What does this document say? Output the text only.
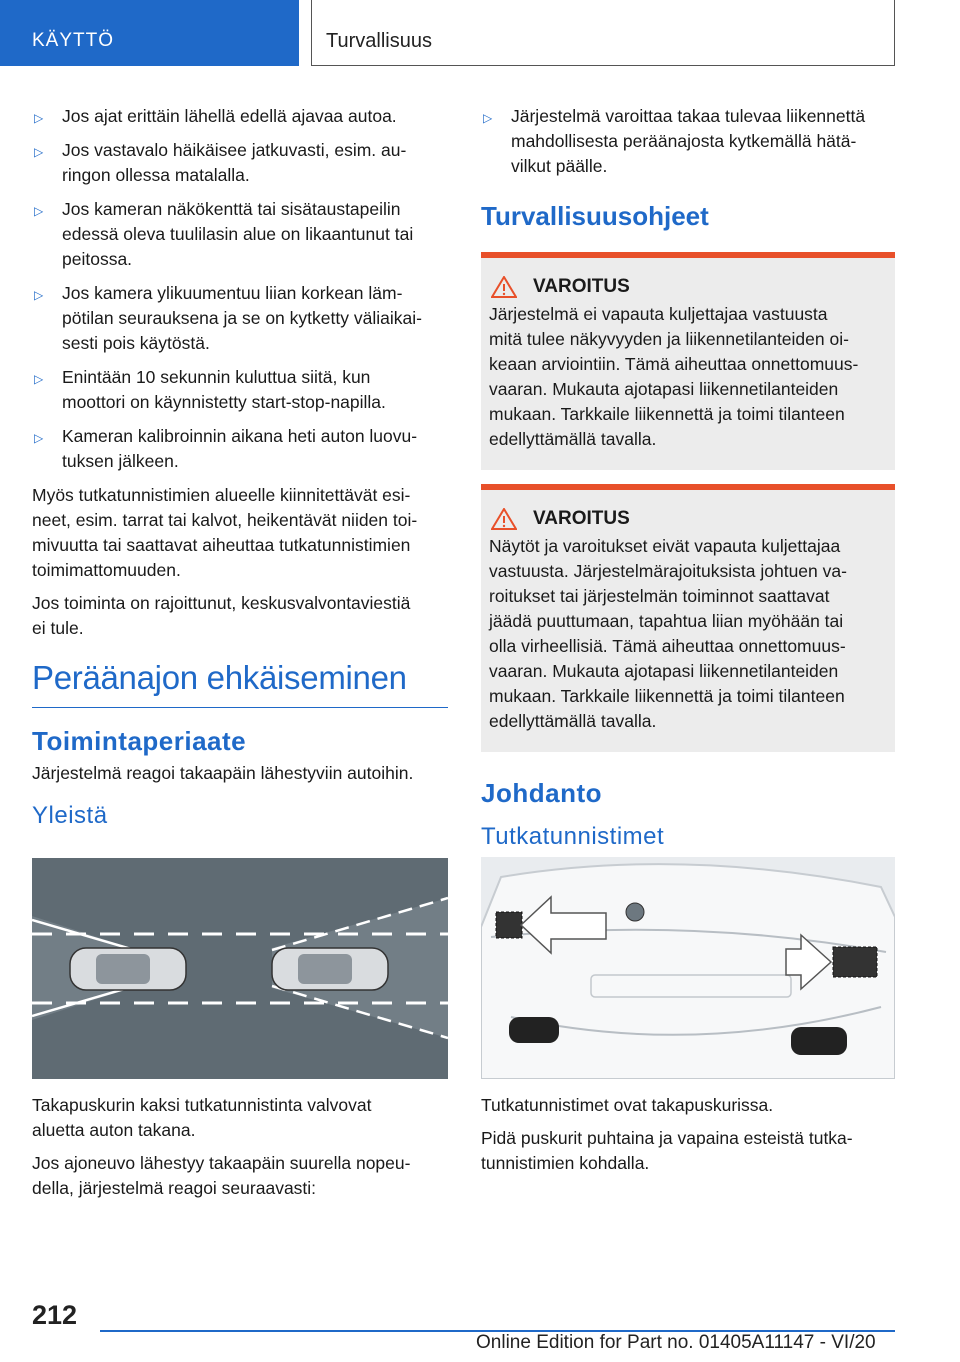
KÄYTTÖ	Turvallisuus
▷ Jos ajat erittäin lähellä edellä ajavaa autoa.
▷ Jos vastavalo häikäisee jatkuvasti, esim. au-
ringon ollessa matalalla.
▷ Jos kameran näkökenttä tai sisätaustapeilin
edessä oleva tuulilasin alue on likaantunut tai
peitossa.
▷ Jos kamera ylikuumentuu liian korkean läm-
pötilan seurauksena ja se on kytketty väliaikai-
sesti pois käytöstä.
▷ Enintään 10 sekunnin kuluttua siitä, kun
moottori on käynnistetty start-stop-napilla.
▷ Kameran kalibroinnin aikana heti auton luovu-
tuksen jälkeen.

Myös tutkatunnistimien alueelle kiinnitettävät esi-
neet, esim. tarrat tai kalvot, heikentävät niiden toi-
mivuutta tai saattavat aiheuttaa tutkatunnistimien
toimimattomuuden.

Jos toiminta on rajoittunut, keskusvalvontaviestiä
ei tule.

Peräänajon ehkäiseminen
Toimintaperiaate

Järjestelmä reagoi takaapäin lähestyviin autoihin.

Yleistä

Takapuskurin kaksi tutkatunnistinta valvovat
aluetta auton takana.

Jos ajoneuvo lähestyy takaapäin suurella nopeu-
della, järjestelmä reagoi seuraavasti:

▷ Järjestelmä varoittaa takaa tulevaa liikennettä
mahdollisesta peräänajosta kytkemällä hätä-
vilkut päälle.
Turvallisuusohjeet
VAROITUS

Järjestelmä ei vapauta kuljettajaa vastuusta
mitä tulee näkyvyyden ja liikennetilanteiden oi-
keaan arviointiin. Tämä aiheuttaa onnettomuus-
vaaran. Mukauta ajotapasi liikennetilanteiden
mukaan. Tarkkaile liikennettä ja toimi tilanteen
edellyttämällä tavalla.

VAROITUS

Näytöt ja varoitukset eivät vapauta kuljettajaa
vastuusta. Järjestelmärajoituksista johtuen va-
roitukset tai järjestelmän toiminnot saattavat
jäädä puuttumaan, tapahtua liian myöhään tai
olla virheellisiä. Tämä aiheuttaa onnettomuus-
vaaran. Mukauta ajotapasi liikennetilanteiden
mukaan. Tarkkaile liikennettä ja toimi tilanteen
edellyttämällä tavalla.

Johdanto
Tutkatunnistimet

Tutkatunnistimet ovat takapuskurissa.

Pidä puskurit puhtaina ja vapaina esteistä tutka-
tunnistimien kohdalla.

212
Online Edition for Part no. 01405A11147 - VI/20
